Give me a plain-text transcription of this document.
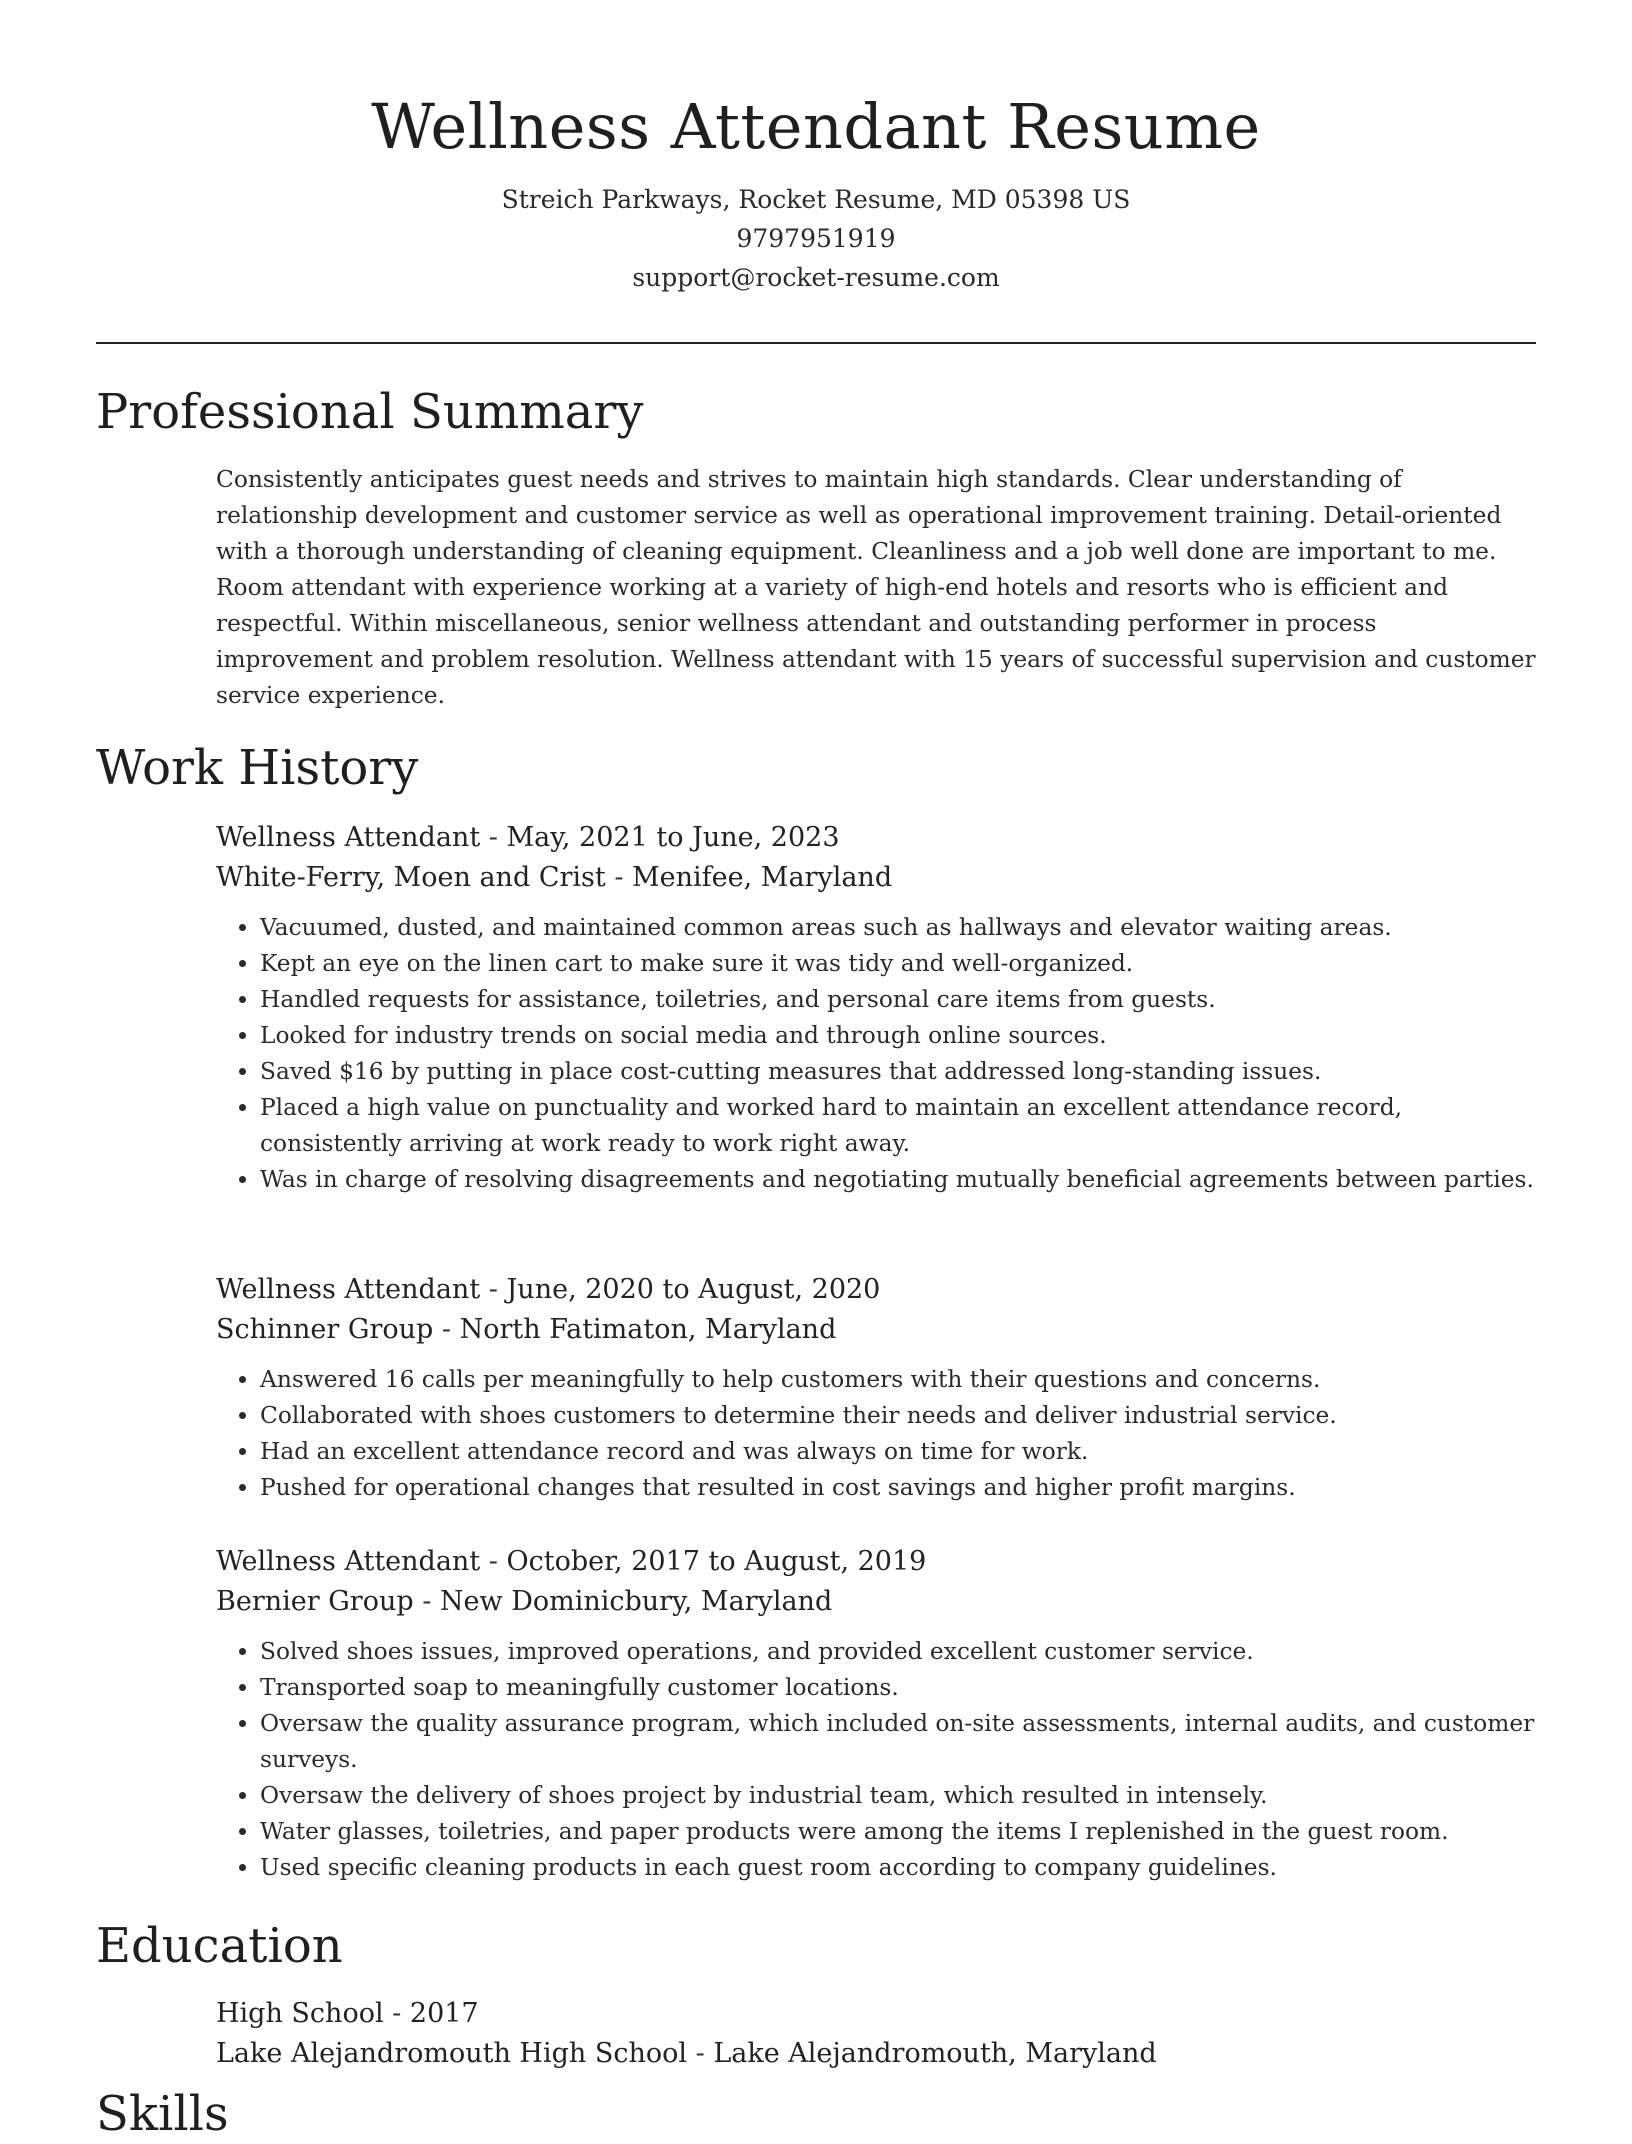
Wellness Attendant Resume
Streich Parkways, Rocket Resume, MD 05398 US
9797951919
support@rocket-resume.com
Professional Summary

Consistently anticipates guest needs and strives to maintain high standards. Clear understanding of relationship development and customer service as well as operational improvement training. Detail-oriented with a thorough understanding of cleaning equipment. Cleanliness and a job well done are important to me. Room attendant with experience working at a variety of high-end hotels and resorts who is efficient and respectful. Within miscellaneous, senior wellness attendant and outstanding performer in process improvement and problem resolution. Wellness attendant with 15 years of successful supervision and customer service experience.

Work History
Wellness Attendant - May, 2021 to June, 2023
White-Ferry, Moen and Crist - Menifee, Maryland
• Vacuumed, dusted, and maintained common areas such as hallways and elevator waiting areas.
• Kept an eye on the linen cart to make sure it was tidy and well-organized.
• Handled requests for assistance, toiletries, and personal care items from guests.
• Looked for industry trends on social media and through online sources.
• Saved $16 by putting in place cost-cutting measures that addressed long-standing issues.
• Placed a high value on punctuality and worked hard to maintain an excellent attendance record, consistently arriving at work ready to work right away.
• Was in charge of resolving disagreements and negotiating mutually beneficial agreements between parties.
Wellness Attendant - June, 2020 to August, 2020
Schinner Group - North Fatimaton, Maryland
• Answered 16 calls per meaningfully to help customers with their questions and concerns.
• Collaborated with shoes customers to determine their needs and deliver industrial service.
• Had an excellent attendance record and was always on time for work.
• Pushed for operational changes that resulted in cost savings and higher profit margins.
Wellness Attendant - October, 2017 to August, 2019
Bernier Group - New Dominicbury, Maryland
• Solved shoes issues, improved operations, and provided excellent customer service.
• Transported soap to meaningfully customer locations.
• Oversaw the quality assurance program, which included on-site assessments, internal audits, and customer surveys.
• Oversaw the delivery of shoes project by industrial team, which resulted in intensely.
• Water glasses, toiletries, and paper products were among the items I replenished in the guest room.
• Used specific cleaning products in each guest room according to company guidelines.
Education
High School - 2017
Lake Alejandromouth High School - Lake Alejandromouth, Maryland
Skills
